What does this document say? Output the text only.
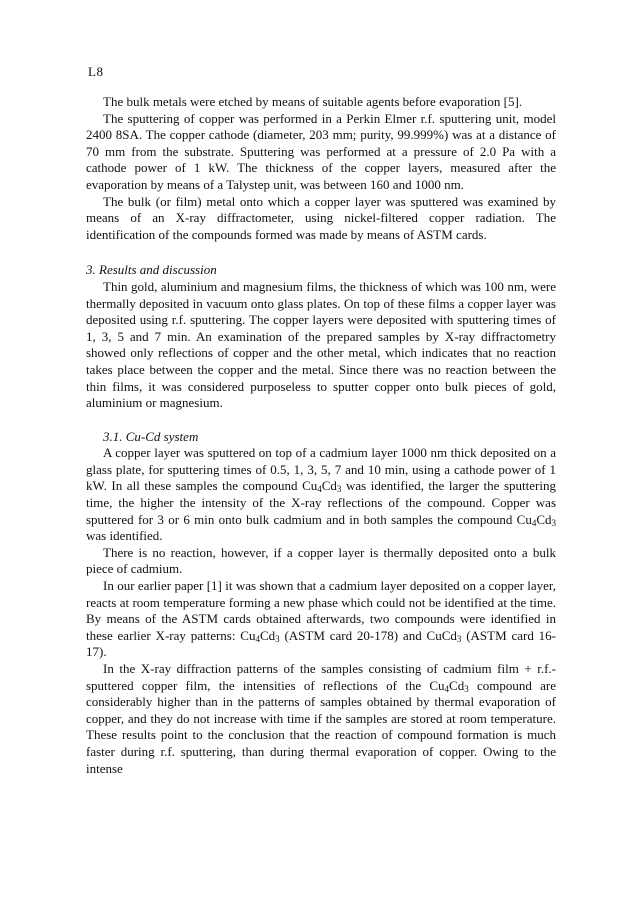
L8

The bulk metals were etched by means of suitable agents before evaporation [5].

The sputtering of copper was performed in a Perkin Elmer r.f. sputtering unit, model 2400 8SA. The copper cathode (diameter, 203 mm; purity, 99.999%) was at a distance of 70 mm from the substrate. Sputtering was performed at a pressure of 2.0 Pa with a cathode power of 1 kW. The thickness of the copper layers, measured after the evaporation by means of a Talystep unit, was between 160 and 1000 nm.

The bulk (or film) metal onto which a copper layer was sputtered was examined by means of an X-ray diffractometer, using nickel-filtered copper radiation. The identification of the compounds formed was made by means of ASTM cards.

3. Results and discussion

Thin gold, aluminium and magnesium films, the thickness of which was 100 nm, were thermally deposited in vacuum onto glass plates. On top of these films a copper layer was deposited using r.f. sputtering. The copper layers were deposited with sputtering times of 1, 3, 5 and 7 min. An examination of the prepared samples by X-ray diffractometry showed only reflections of copper and the other metal, which indicates that no reaction takes place between the copper and the metal. Since there was no reaction between the thin films, it was considered purposeless to sputter copper onto bulk pieces of gold, aluminium or magnesium.

3.1. Cu-Cd system

A copper layer was sputtered on top of a cadmium layer 1000 nm thick deposited on a glass plate, for sputtering times of 0.5, 1, 3, 5, 7 and 10 min, using a cathode power of 1 kW. In all these samples the compound $Cu_4Cd_3$ was identified, the larger the sputtering time, the higher the intensity of the X-ray reflections of the compound. Copper was sputtered for 3 or 6 min onto bulk cadmium and in both samples the compound $Cu_4Cd_3$ was identified.

There is no reaction, however, if a copper layer is thermally deposited onto a bulk piece of cadmium.

In our earlier paper [1] it was shown that a cadmium layer deposited on a copper layer, reacts at room temperature forming a new phase which could not be identified at the time. By means of the ASTM cards obtained afterwards, two compounds were identified in these earlier X-ray patterns: $Cu_4Cd_3$ (ASTM card 20-178) and CuCd$_3$ (ASTM card 16-17).

In the X-ray diffraction patterns of the samples consisting of cadmium film + r.f.-sputtered copper film, the intensities of reflections of the $Cu_4Cd_3$ compound are considerably higher than in the patterns of samples obtained by thermal evaporation of copper, and they do not increase with time if the samples are stored at room temperature. These results point to the conclusion that the reaction of compound formation is much faster during r.f. sputtering, than during thermal evaporation of copper. Owing to the intense
